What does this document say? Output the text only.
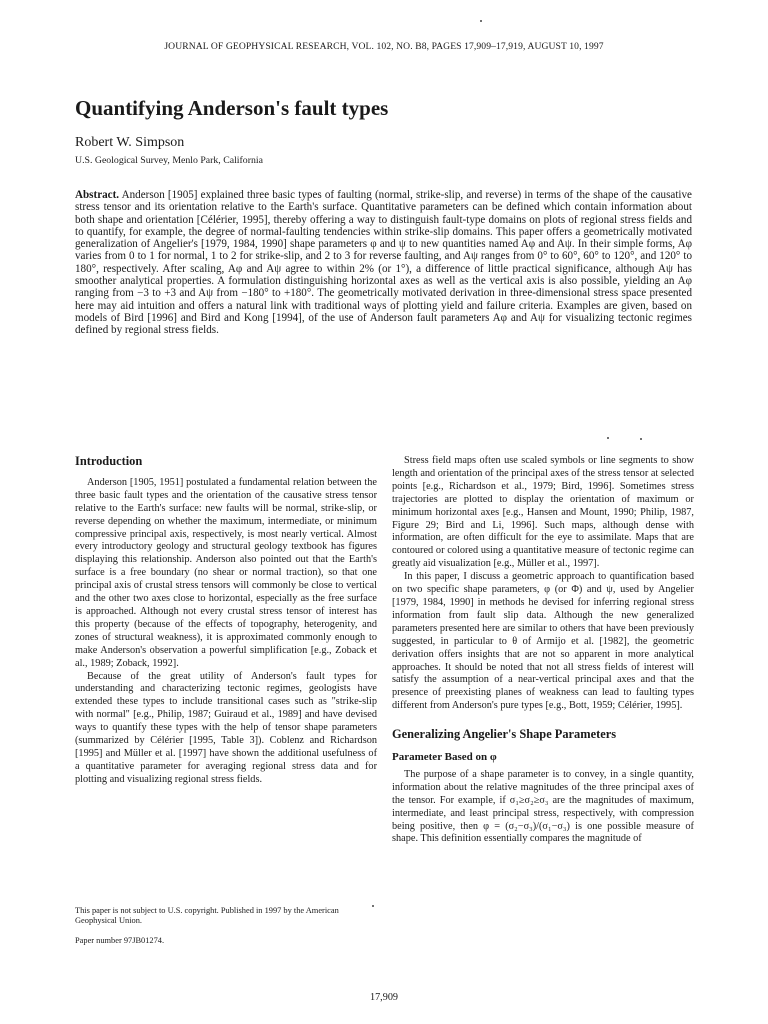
JOURNAL OF GEOPHYSICAL RESEARCH, VOL. 102, NO. B8, PAGES 17,909–17,919, AUGUST 10, 1997
Quantifying Anderson's fault types
Robert W. Simpson
U.S. Geological Survey, Menlo Park, California

Abstract. Anderson [1905] explained three basic types of faulting (normal, strike-slip, and reverse) in terms of the shape of the causative stress tensor and its orientation relative to the Earth's surface. Quantitative parameters can be defined which contain information about both shape and orientation [Célérier, 1995], thereby offering a way to distinguish fault-type domains on plots of regional stress fields and to quantify, for example, the degree of normal-faulting tendencies within strike-slip domains. This paper offers a geometrically motivated generalization of Angelier's [1979, 1984, 1990] shape parameters φ and ψ to new quantities named Aφ and Aψ. In their simple forms, Aφ varies from 0 to 1 for normal, 1 to 2 for strike-slip, and 2 to 3 for reverse faulting, and Aψ ranges from 0° to 60°, 60° to 120°, and 120° to 180°, respectively. After scaling, Aφ and Aψ agree to within 2% (or 1°), a difference of little practical significance, although Aψ has smoother analytical properties. A formulation distinguishing horizontal axes as well as the vertical axis is also possible, yielding an Aφ ranging from −3 to +3 and Aψ from −180° to +180°. The geometrically motivated derivation in three-dimensional stress space presented here may aid intuition and offers a natural link with traditional ways of plotting yield and failure criteria. Examples are given, based on models of Bird [1996] and Bird and Kong [1994], of the use of Anderson fault parameters Aφ and Aψ for visualizing tectonic regimes defined by regional stress fields.

Introduction

Anderson [1905, 1951] postulated a fundamental relation between the three basic fault types and the orientation of the causative stress tensor relative to the Earth's surface: new faults will be normal, strike-slip, or reverse depending on whether the maximum, intermediate, or minimum compressive principal axis, respectively, is most nearly vertical. Almost every introductory geology and structural geology textbook has figures displaying this relationship. Anderson also pointed out that the Earth's surface is a free boundary (no shear or normal traction), so that one principal axis of crustal stress tensors will commonly be close to vertical and the other two axes close to horizontal, especially as the free surface is approached. Although not every crustal stress tensor of interest has this property (because of the effects of topography, heterogenity, and zones of structural weakness), it is approximated commonly enough to make Anderson's observation a powerful simplification [e.g., Zoback et al., 1989; Zoback, 1992].

Because of the great utility of Anderson's fault types for understanding and characterizing tectonic regimes, geologists have extended these types to include transitional cases such as "strike-slip with normal" [e.g., Philip, 1987; Guiraud et al., 1989] and have devised ways to quantify these types with the help of tensor shape parameters (summarized by Célérier [1995, Table 3]). Coblenz and Richardson [1995] and Müller et al. [1997] have shown the additional usefulness of a quantitative parameter for averaging regional stress data and for plotting and visualizing regional stress fields.

Stress field maps often use scaled symbols or line segments to show length and orientation of the principal axes of the stress tensor at selected points [e.g., Richardson et al., 1979; Bird, 1996]. Sometimes stress trajectories are plotted to display the orientation of maximum or minimum horizontal axes [e.g., Hansen and Mount, 1990; Philip, 1987, Figure 29; Bird and Li, 1996]. Such maps, although dense with information, are often difficult for the eye to assimilate. Maps that are contoured or colored using a quantitative measure of tectonic regime can greatly aid visualization [e.g., Müller et al., 1997].

In this paper, I discuss a geometric approach to quantification based on two specific shape parameters, φ (or Φ) and ψ, used by Angelier [1979, 1984, 1990] in methods he devised for inferring regional stress information from fault slip data. Although the new generalized parameters presented here are similar to others that have been previously suggested, in particular to θ of Armijo et al. [1982], the geometric derivation offers insights that are not so apparent in more analytical approaches. It should be noted that not all stress fields of interest will satisfy the assumption of a near-vertical principal axes and that the presence of preexisting planes of weakness can lead to faulting types different from Anderson's pure types [e.g., Bott, 1959; Célérier, 1995].

Generalizing Angelier's Shape Parameters
Parameter Based on φ

The purpose of a shape parameter is to convey, in a single quantity, information about the relative magnitudes of the three principal axes of the tensor. For example, if σ₁≥σ₂≥σ₃ are the magnitudes of maximum, intermediate, and least principal stress, respectively, with compression being positive, then φ = (σ₂−σ₃)/(σ₁−σ₃) is one possible measure of shape. This definition essentially compares the magnitude of

This paper is not subject to U.S. copyright. Published in 1997 by the American Geophysical Union.
Paper number 97JB01274.
17,909
